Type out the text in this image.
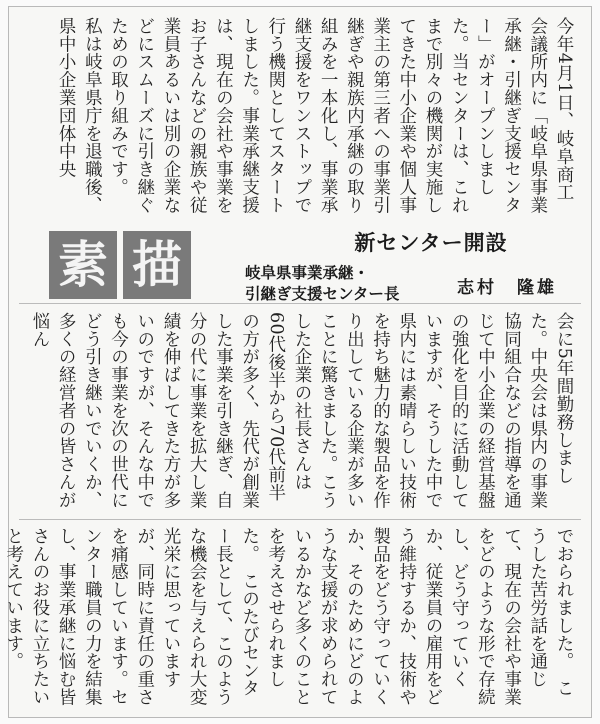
今年4月1日、岐阜商工会議所内に「岐阜県事業承継・引継ぎ支援センター」がオープンしました。当センターは、これまで別々の機関が実施してきた中小企業や個人事業主の第三者への事業引継ぎや親族内承継の取り組みを一本化し、事業承継支援をワンストップで行う機関としてスタートしました。事業承継支援は、現在の会社や事業をお子さんなどの親族や従業員あるいは別の企業などにスムーズに引き継ぐための取り組みです。　私は岐阜県庁を退職後、県中小企業団体中央
素 描	新センター開設
岐阜県事業承継・
引継ぎ支援センター長	志村　隆雄
会に5年間勤務しました。中央会は県内の事業協同組合などの指導を通じて中小企業の経営基盤の強化を目的に活動していますが、そうした中で県内には素晴らしい技術を持ち魅力的な製品を作り出している企業が多いことに驚きました。こうした企業の社長さんは60代後半から70代前半の方が多く、先代が創業した事業を引き継ぎ、自分の代に事業を拡大し業績を伸ばしてきた方が多いのですが、そんな中でも今の事業を次の世代にどう引き継いでいくか、多くの経営者の皆さんが悩ん
でおられました。　こうした苦労話を通じて、現在の会社や事業をどのような形で存続し、どう守っていくか、従業員の雇用をどう維持するか、技術や製品をどう守っていくか、そのためにどのような支援が求められているかなど多くのことを考えさせられました。　このたびセンター長として、このような機会を与えられ大変光栄に思っていますが、同時に責任の重さを痛感しています。センター職員の力を結集し、事業承継に悩む皆さんのお役に立ちたいと考えています。
